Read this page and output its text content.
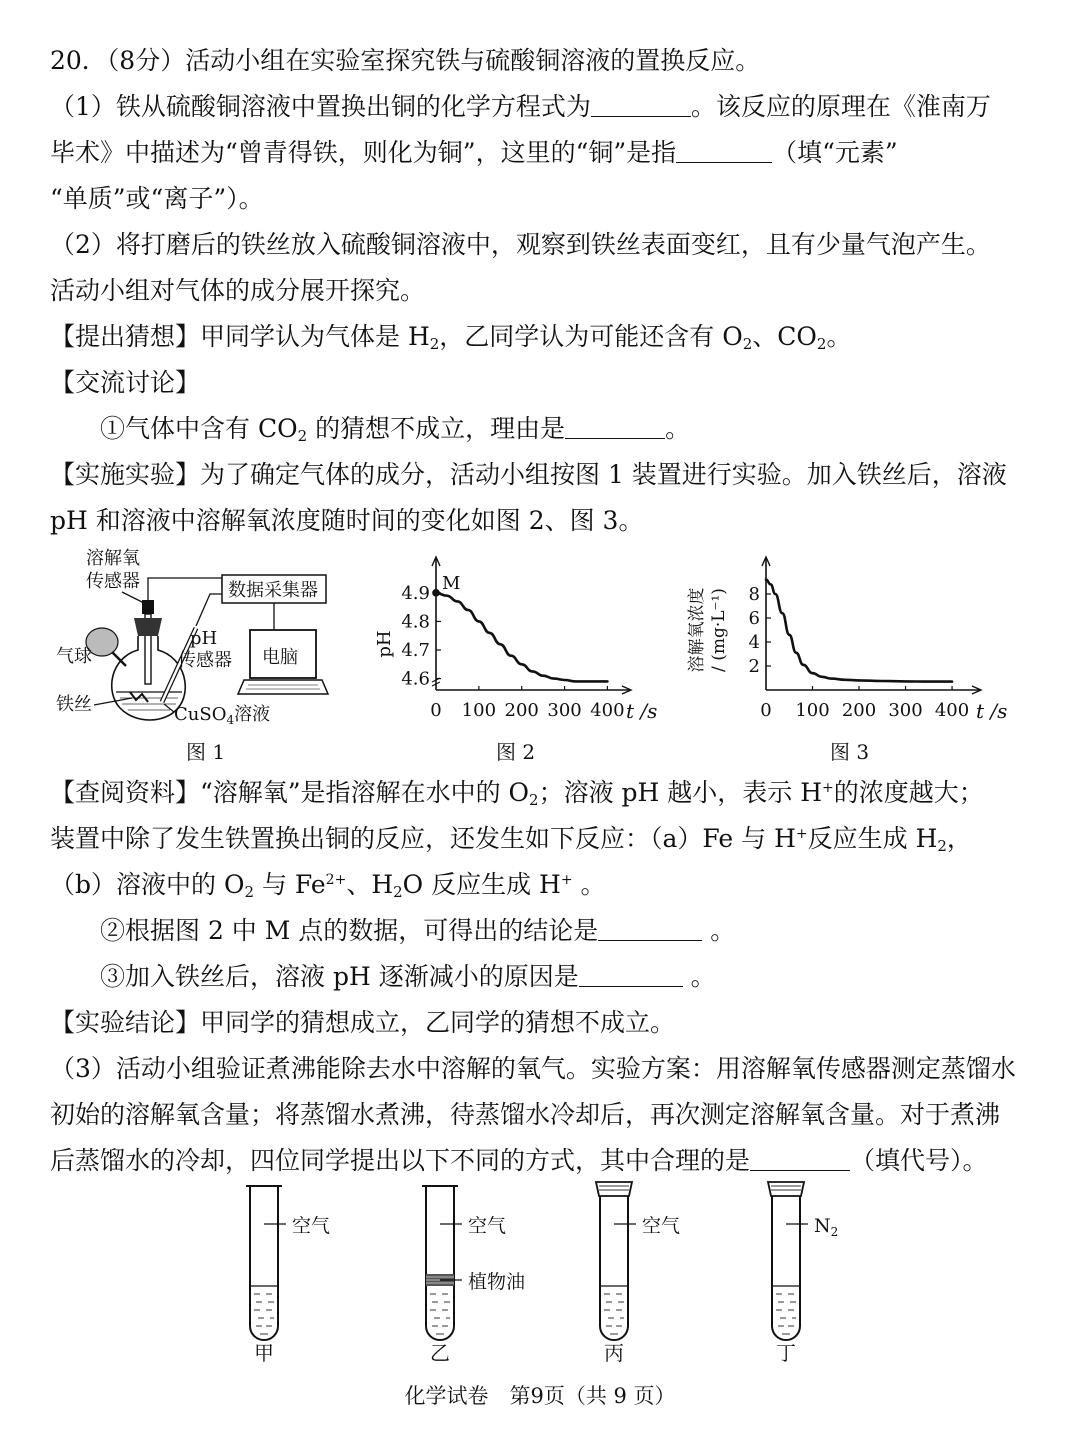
20．（8分）活动小组在实验室探究铁与硫酸铜溶液的置换反应。
（1）铁从硫酸铜溶液中置换出铜的化学方程式为	。该反应的原理在《淮南万
毕术》中描述为“曾青得铁，则化为铜”，这里的“铜”是指	（填“元素”
“单质”或“离子”）。
（2）将打磨后的铁丝放入硫酸铜溶液中，观察到铁丝表面变红，且有少量气泡产生。
活动小组对气体的成分展开探究。
【提出猜想】甲同学认为气体是 $H_2$，乙同学认为可能还含有 $O_2$、$CO_2$。
【交流讨论】
①气体中含有 $CO_2$ 的猜想不成立，理由是	。
【实施实验】为了确定气体的成分，活动小组按图 1 装置进行实验。加入铁丝后，溶液
pH 和溶液中溶解氧浓度随时间的变化如图 2、图 3。
溶解氧
传感器	数据采集器
pH
传感器 电脑
气球
铁丝	CuSO$_4$溶液
图 1
0 100 200 300 400
4.6
4.7
4.8
4.9 M
t /s
pH
图 2
0 100 200 300 400
2
4
6
8
t /s
溶解氧浓度 / (mg·L⁻¹)
图 3
【查阅资料】“溶解氧”是指溶解在水中的 $O_2$；溶液 pH 越小，表示 H+的浓度越大；
装置中除了发生铁置换出铜的反应，还发生如下反应：（a）Fe 与 H+反应生成 $H_2$，
（b）溶液中的 $O_2$ 与 $Fe^{2+}$、$H_2O$ 反应生成 H+ 。
②根据图 2 中 M 点的数据，可得出的结论是	。
③加入铁丝后，溶液 pH 逐渐减小的原因是	。
【实验结论】甲同学的猜想成立，乙同学的猜想不成立。
（3）活动小组验证煮沸能除去水中溶解的氧气。实验方案：用溶解氧传感器测定蒸馏水
初始的溶解氧含量；将蒸馏水煮沸，待蒸馏水冷却后，再次测定溶解氧含量。对于煮沸
后蒸馏水的冷却，四位同学提出以下不同的方式，其中合理的是	（填代号）。
空气
甲
空气
植物油
乙
空气
丙
$N_2$
丁
化学试卷　第9页（共 9 页）
